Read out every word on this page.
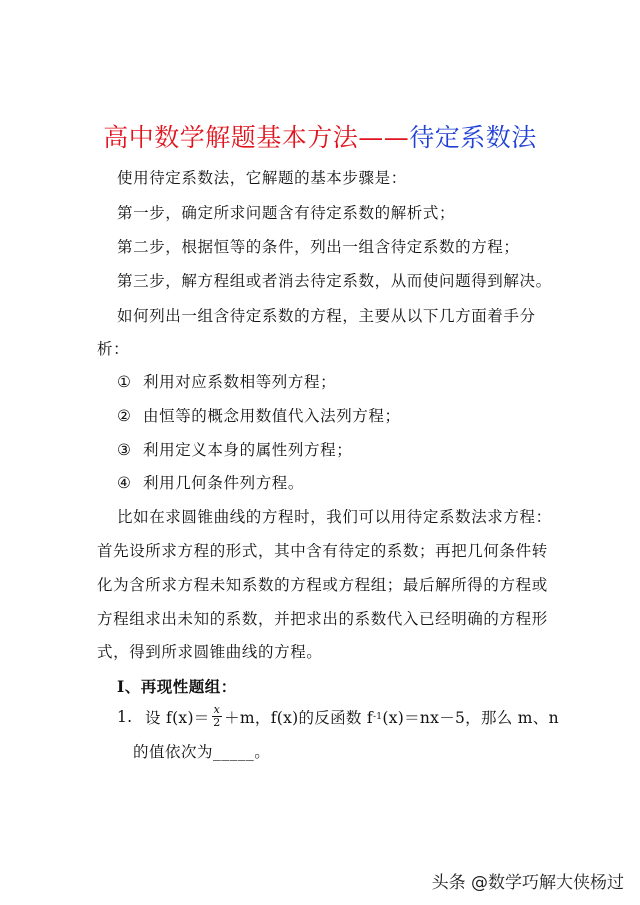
高中数学解题基本方法——待定系数法
使用待定系数法，它解题的基本步骤是：
第一步，确定所求问题含有待定系数的解析式；
第二步，根据恒等的条件，列出一组含待定系数的方程；
第三步，解方程组或者消去待定系数，从而使问题得到解决。
如何列出一组含待定系数的方程，主要从以下几方面着手分
析：
① 利用对应系数相等列方程；
② 由恒等的概念用数值代入法列方程；
③ 利用定义本身的属性列方程；
④ 利用几何条件列方程。
比如在求圆锥曲线的方程时，我们可以用待定系数法求方程：
首先设所求方程的形式，其中含有待定的系数；再把几何条件转
化为含所求方程未知系数的方程或方程组；最后解所得的方程或
方程组求出未知的系数，并把求出的系数代入已经明确的方程形
式，得到所求圆锥曲线的方程。
Ⅰ、再现性题组：
1. 设 $f(x)= \frac{x}{2} +m$，f(x)的反函数 f -1 (x)＝nx－5，那么 m、n
的值依次为_____。
头条 @数学巧解大侠杨过
